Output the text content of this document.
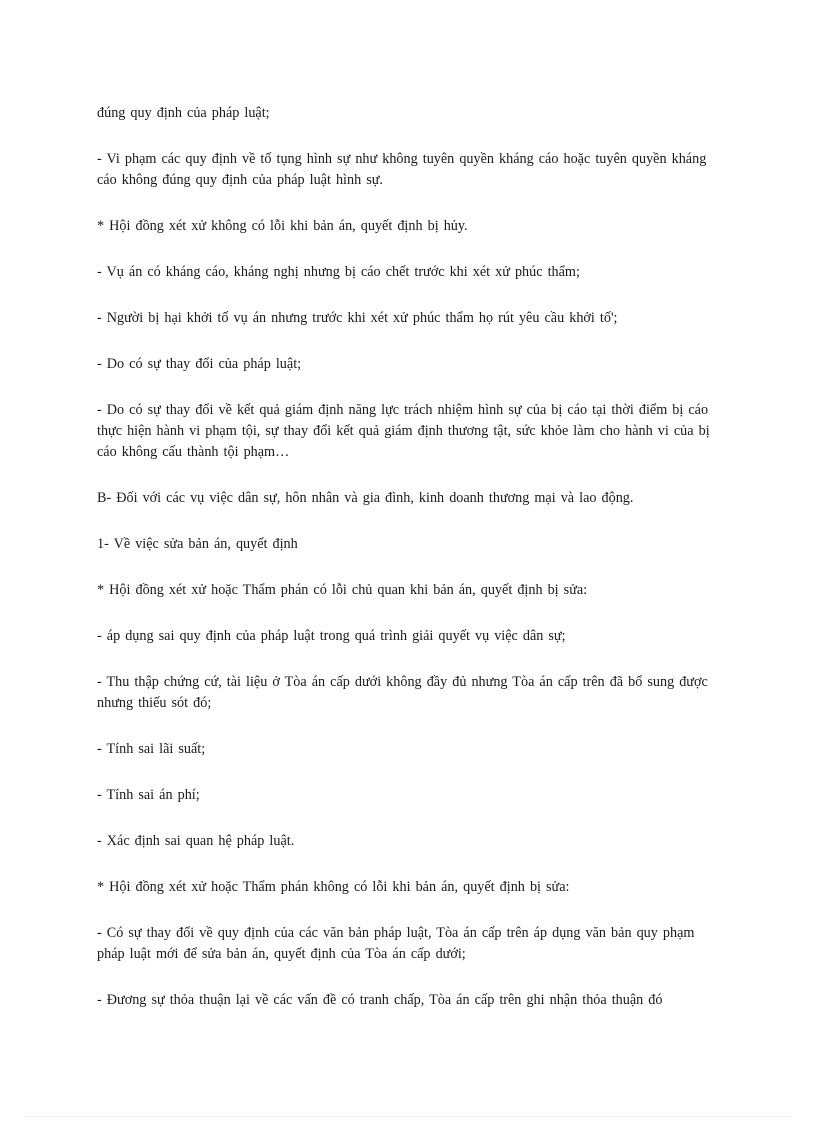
đúng quy định của pháp luật;

- Vi phạm các quy định về tố tụng hình sự như không tuyên quyền kháng cáo hoặc tuyên quyền kháng cáo không đúng quy định của pháp luật hình sự.

* Hội đồng xét xử không có lỗi khi bản án, quyết định bị hủy.

- Vụ án có kháng cáo, kháng nghị nhưng bị cáo chết trước khi xét xử phúc thẩm;

- Người bị hại khởi tố vụ án nhưng trước khi xét xử phúc thẩm họ rút yêu cầu khởi tố';

- Do có sự thay đổi của pháp luật;

- Do có sự thay đổi về kết quả giám định năng lực trách nhiệm hình sự của bị cáo tại thời điểm bị cáo thực hiện hành vi phạm tội, sự thay đổi kết quả giám định thương tật, sức khỏe làm cho hành vi của bị cáo không cấu thành tội phạm…

B- Đối với các vụ việc dân sự, hôn nhân và gia đình, kinh doanh thương mại và lao động.

1- Về việc sửa bản án, quyết định

* Hội đồng xét xử hoặc Thẩm phán có lỗi chủ quan khi bản án, quyết định bị sửa:

- áp dụng sai quy định của pháp luật trong quá trình giải quyết vụ việc dân sự;

- Thu thập chứng cứ, tài liệu ở Tòa án cấp dưới không đầy đủ nhưng Tòa án cấp trên đã bổ sung được nhưng thiếu sót đó;

- Tính sai lãi suất;

- Tính sai án phí;

- Xác định sai quan hệ pháp luật.

* Hội đồng xét xử hoặc Thẩm phán không có lỗi khi bản án, quyết định bị sửa:

- Có sự thay đổi về quy định của các văn bản pháp luật, Tòa án cấp trên áp dụng văn bản quy phạm pháp luật mới để sửa bản án, quyết định của Tòa án cấp dưới;

- Đương sự thỏa thuận lại về các vấn đề có tranh chấp, Tòa án cấp trên ghi nhận thỏa thuận đó
